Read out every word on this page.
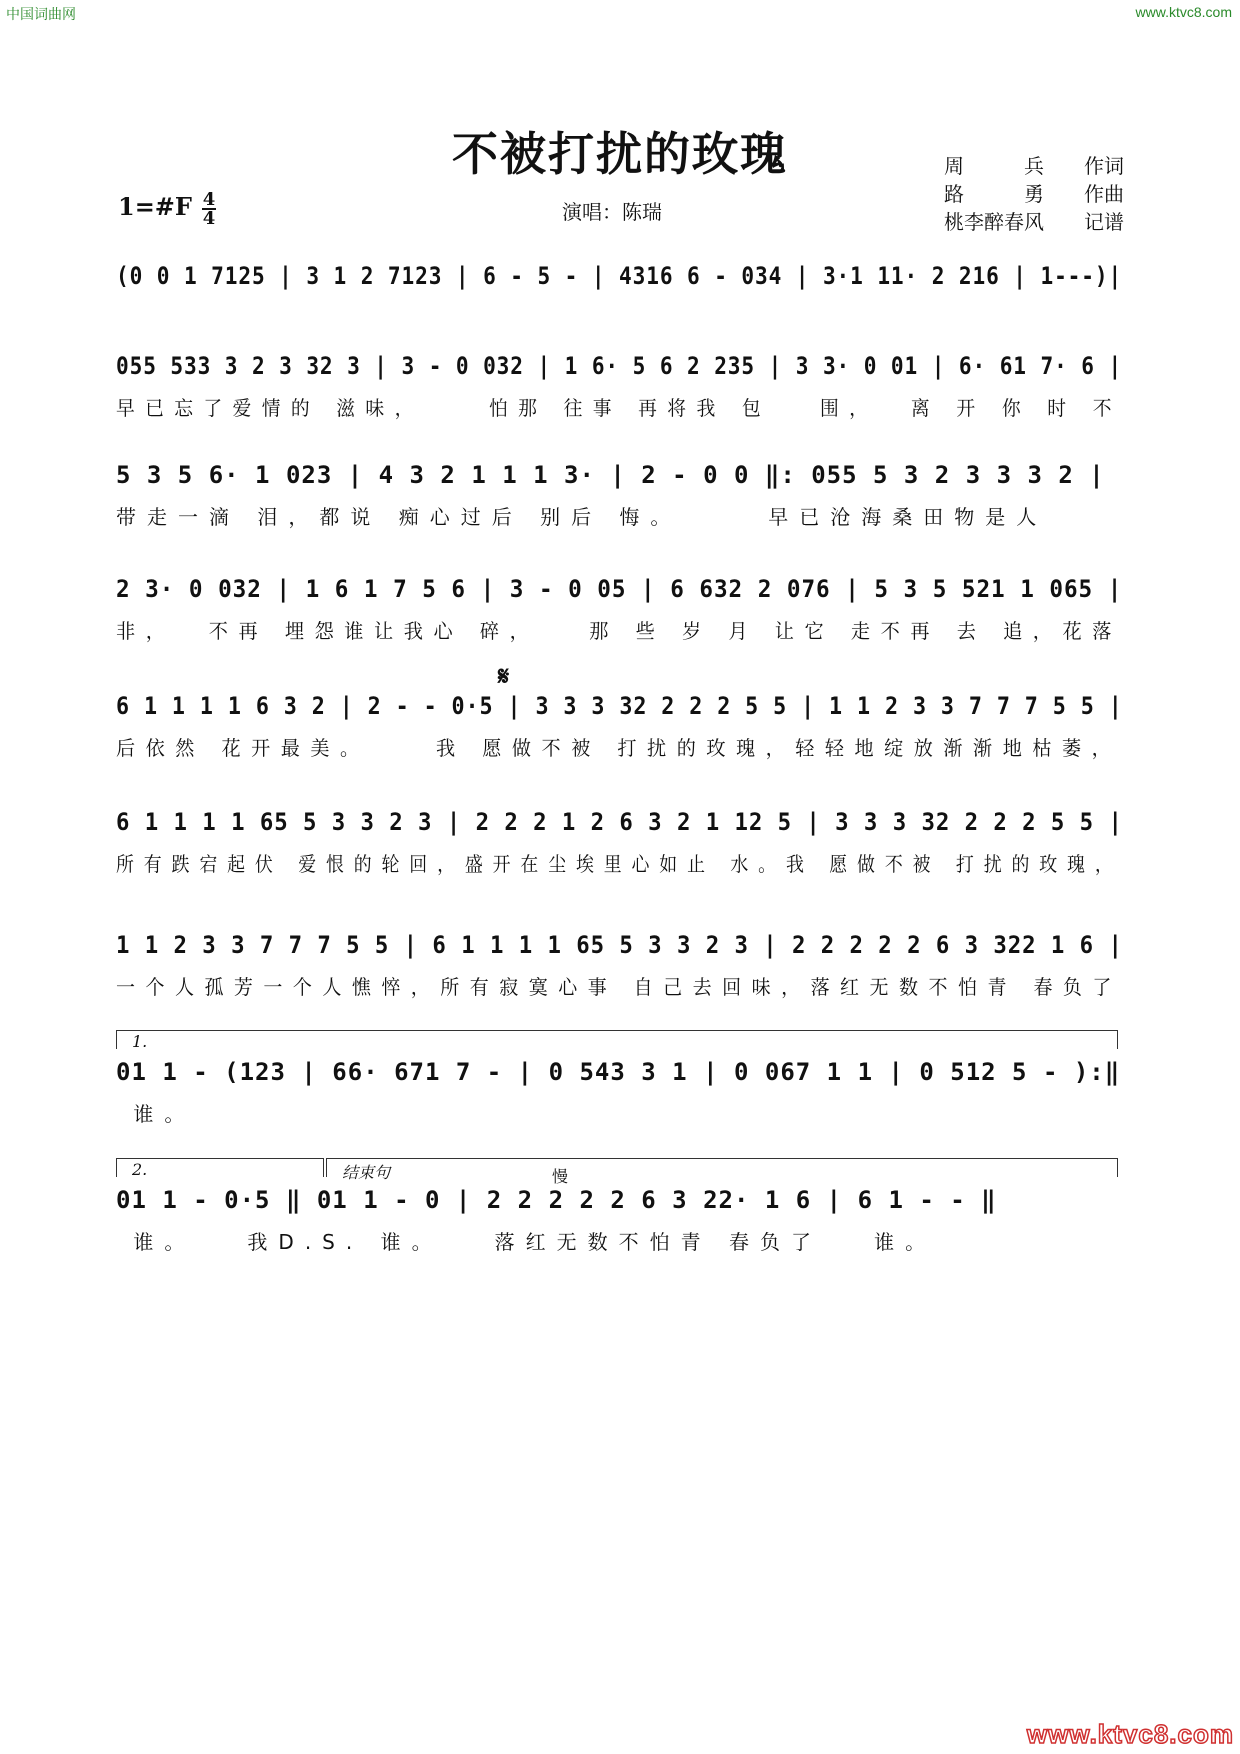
中国词曲网	www.ktvc8.com
不被打扰的玫瑰	周　　　兵 作词
路　　　勇 作曲
桃李醉春风 记谱
1=#F 4
4	演唱：陈瑞
(0 0 1 7125 | 3 1 2 7123 | 6 - 5 - | 4316 6 - 034 | 3·1 11· 2 216 | 1---)|
055 533 3 2 3 32 3 | 3 - 0 032 | 1 6· 5 6 2 235 | 3 3· 0 01 | 6· 61 7· 6 |
早已忘了爱情的 滋味，    怕那 往事 再将我 包   围，  离 开 你 时 不
5 3 5 6· 1 023 | 4 3 2 1 1 1 3· | 2 - 0 0 ‖: 055 5 3 2 3 3 3 2 |
带走一滴 泪，都说 痴心过后 别后 悔。     早已沧海桑田物是人
2 3· 0 032 | 1 6 1 7 5 6 | 3 - 0 05 | 6 632 2 076 | 5 3 5 521 1 065 |
非，  不再 埋怨谁让我心 碎，   那 些 岁 月 让它 走不再 去 追，花落
𝄋
6 1 1 1 1 6 3 2 | 2 - - 0·5 | 3 3 3 32 2 2 2 5 5 | 1 1 2 3 3 7 7 7 5 5 |
后依然 花开最美。    我 愿做不被 打扰的玫瑰，轻轻地绽放渐渐地枯萎，
6 1 1 1 1 65 5 3 3 2 3 | 2 2 2 1 2 6 3 2 1 12 5 | 3 3 3 32 2 2 2 5 5 |
所有跌宕起伏 爱恨的轮回，盛开在尘埃里心如止 水。我 愿做不被 打扰的玫瑰，
1 1 2 3 3 7 7 7 5 5 | 6 1 1 1 1 65 5 3 3 2 3 | 2 2 2 2 2 6 3 322 1 6 |
一个人孤芳一个人憔悴，所有寂寞心事 自己去回味，落红无数不怕青 春负了
1.
01 1 - (123 | 66· 671 7 - | 0 543 3 1 | 0 067 1 1 | 0 512 5 - ):‖
谁。
2.	结束句	慢
01 1 - 0·5 ‖ 01 1 - 0 | 2 2 2 2 2 6 3 22· 1 6 | 6 1 - - ‖
谁。   我D.S. 谁。   落红无数不怕青 春负了   谁。
www.ktvc8.com
